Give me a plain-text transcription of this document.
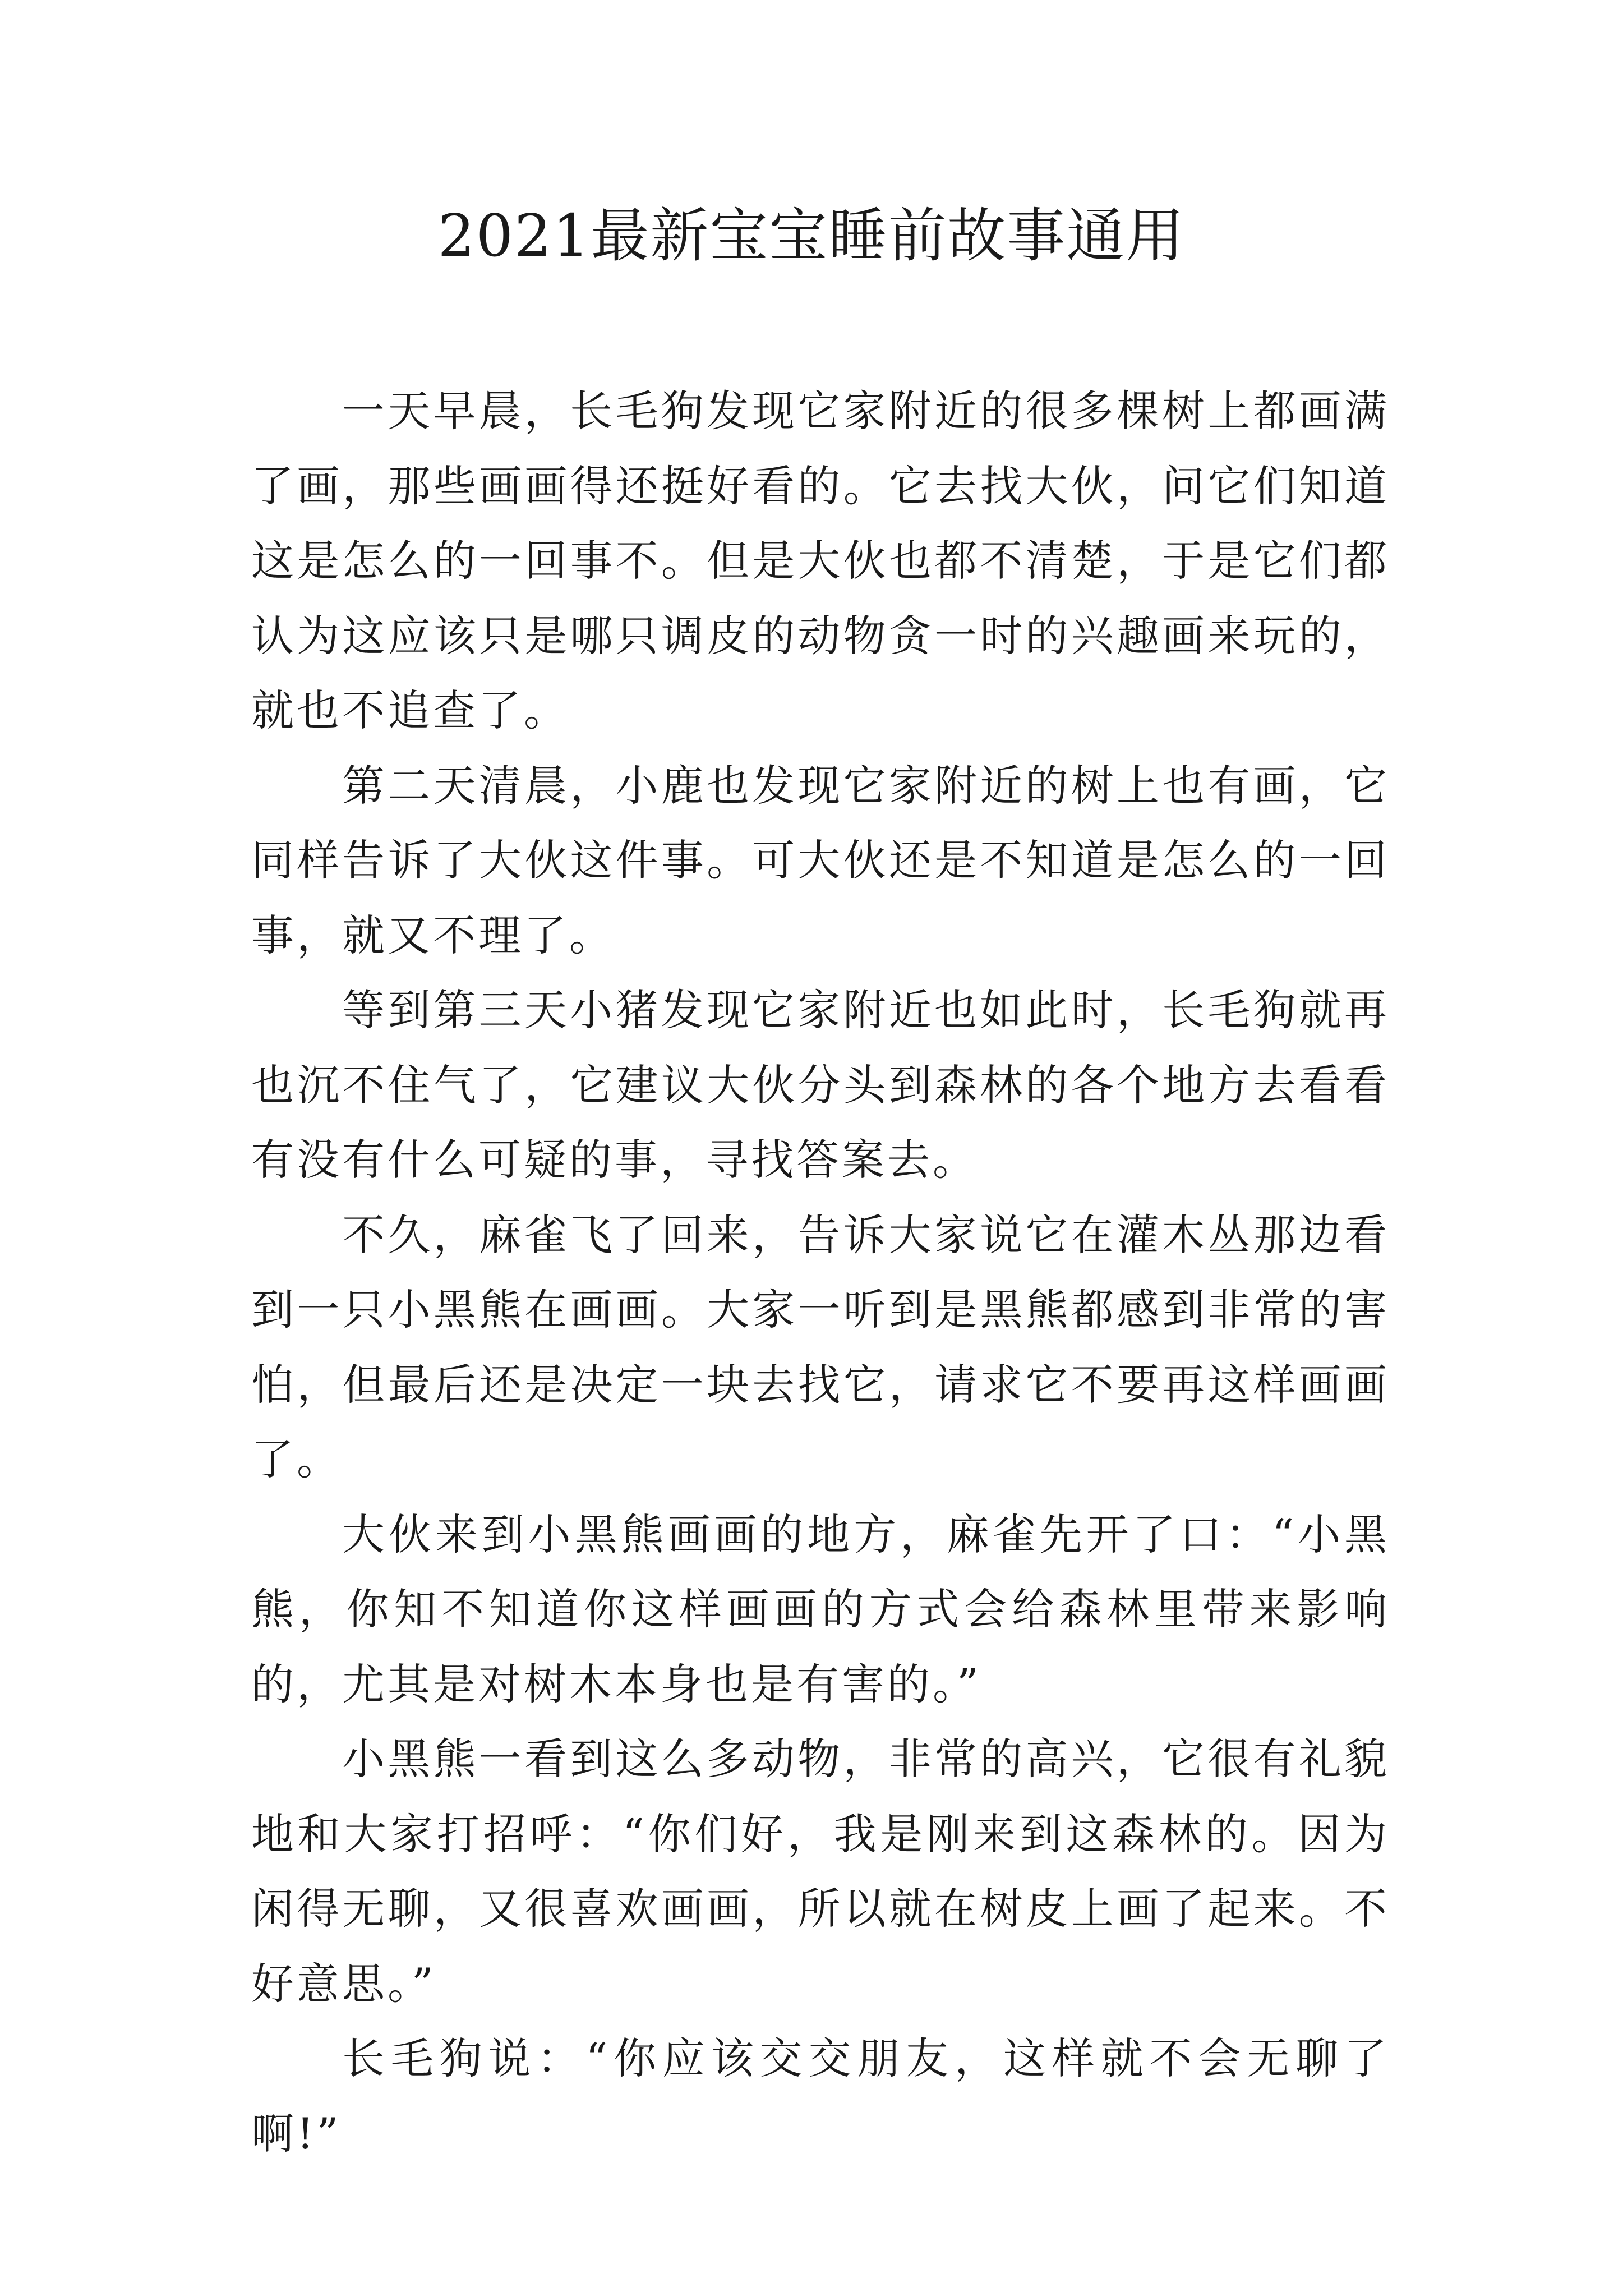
2021最新宝宝睡前故事通用

一天早晨，长毛狗发现它家附近的很多棵树上都画满了画，那些画画得还挺好看的。它去找大伙，问它们知道这是怎么的一回事不。但是大伙也都不清楚，于是它们都认为这应该只是哪只调皮的动物贪一时的兴趣画来玩的，就也不追查了。

第二天清晨，小鹿也发现它家附近的树上也有画，它同样告诉了大伙这件事。可大伙还是不知道是怎么的一回事，就又不理了。

等到第三天小猪发现它家附近也如此时，长毛狗就再也沉不住气了，它建议大伙分头到森林的各个地方去看看有没有什么可疑的事，寻找答案去。

不久，麻雀飞了回来，告诉大家说它在灌木丛那边看到一只小黑熊在画画。大家一听到是黑熊都感到非常的害怕，但最后还是决定一块去找它，请求它不要再这样画画了。

大伙来到小黑熊画画的地方，麻雀先开了口：“小黑熊，你知不知道你这样画画的方式会给森林里带来影响的，尤其是对树木本身也是有害的。”

小黑熊一看到这么多动物，非常的高兴，它很有礼貌地和大家打招呼：“你们好，我是刚来到这森林的。因为闲得无聊，又很喜欢画画，所以就在树皮上画了起来。不好意思。”

长毛狗说：“你应该交交朋友，这样就不会无聊了啊!”
